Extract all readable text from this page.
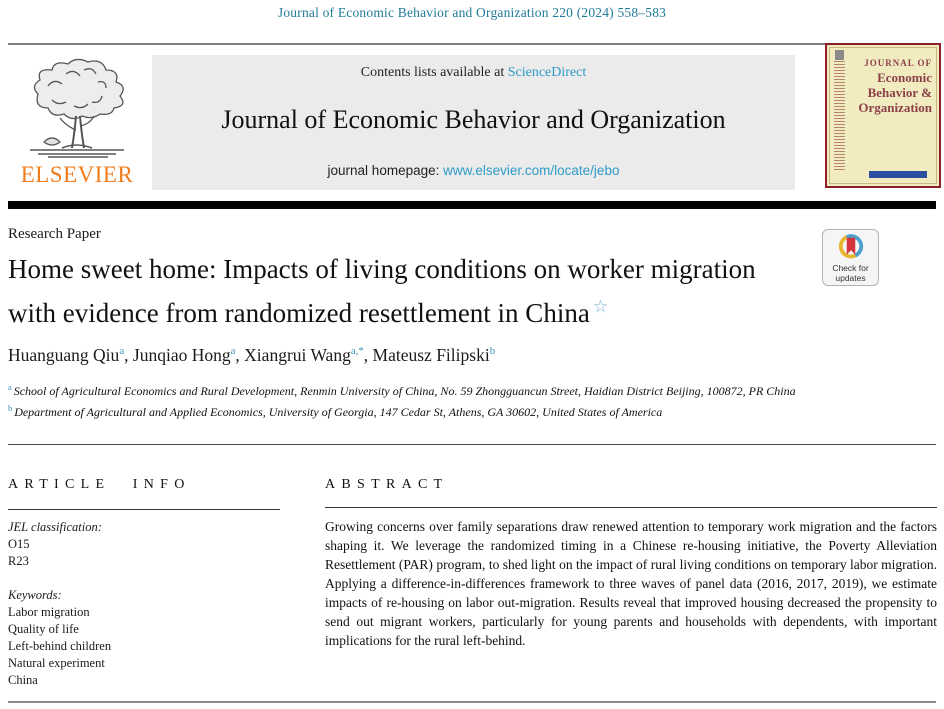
Journal of Economic Behavior and Organization 220 (2024) 558–583
ELSEVIER
Contents lists available at ScienceDirect
Journal of Economic Behavior and Organization
journal homepage: www.elsevier.com/locate/jebo
JOURNAL OF
Economic
Behavior &
Organization
Research Paper
Home sweet home: Impacts of living conditions on worker migration with evidence from randomized resettlement in China ☆
Check for
updates
Huanguang Qiu$^a$, Junqiao Hong$^a$, Xiangrui Wang$^{a,*}$, Mateusz Filipski$^b$
$^a$ School of Agricultural Economics and Rural Development, Renmin University of China, No. 59 Zhongguancun Street, Haidian District Beijing, 100872, PR China
$^b$ Department of Agricultural and Applied Economics, University of Georgia, 147 Cedar St, Athens, GA 30602, United States of America
ARTICLE INFO
JEL classification:
O15
R23
Keywords:
Labor migration
Quality of life
Left-behind children
Natural experiment
China
ABSTRACT
Growing concerns over family separations draw renewed attention to temporary work migration and the factors shaping it. We leverage the randomized timing in a Chinese re-housing initiative, the Poverty Alleviation Resettlement (PAR) program, to shed light on the impact of rural living conditions on temporary labor migration. Applying a difference-in-differences framework to three waves of panel data (2016, 2017, 2019), we estimate impacts of re-housing on labor out-migration. Results reveal that improved housing decreased the propensity to send out migrant workers, particularly for young parents and households with dependents, with important implications for the rural left-behind.
